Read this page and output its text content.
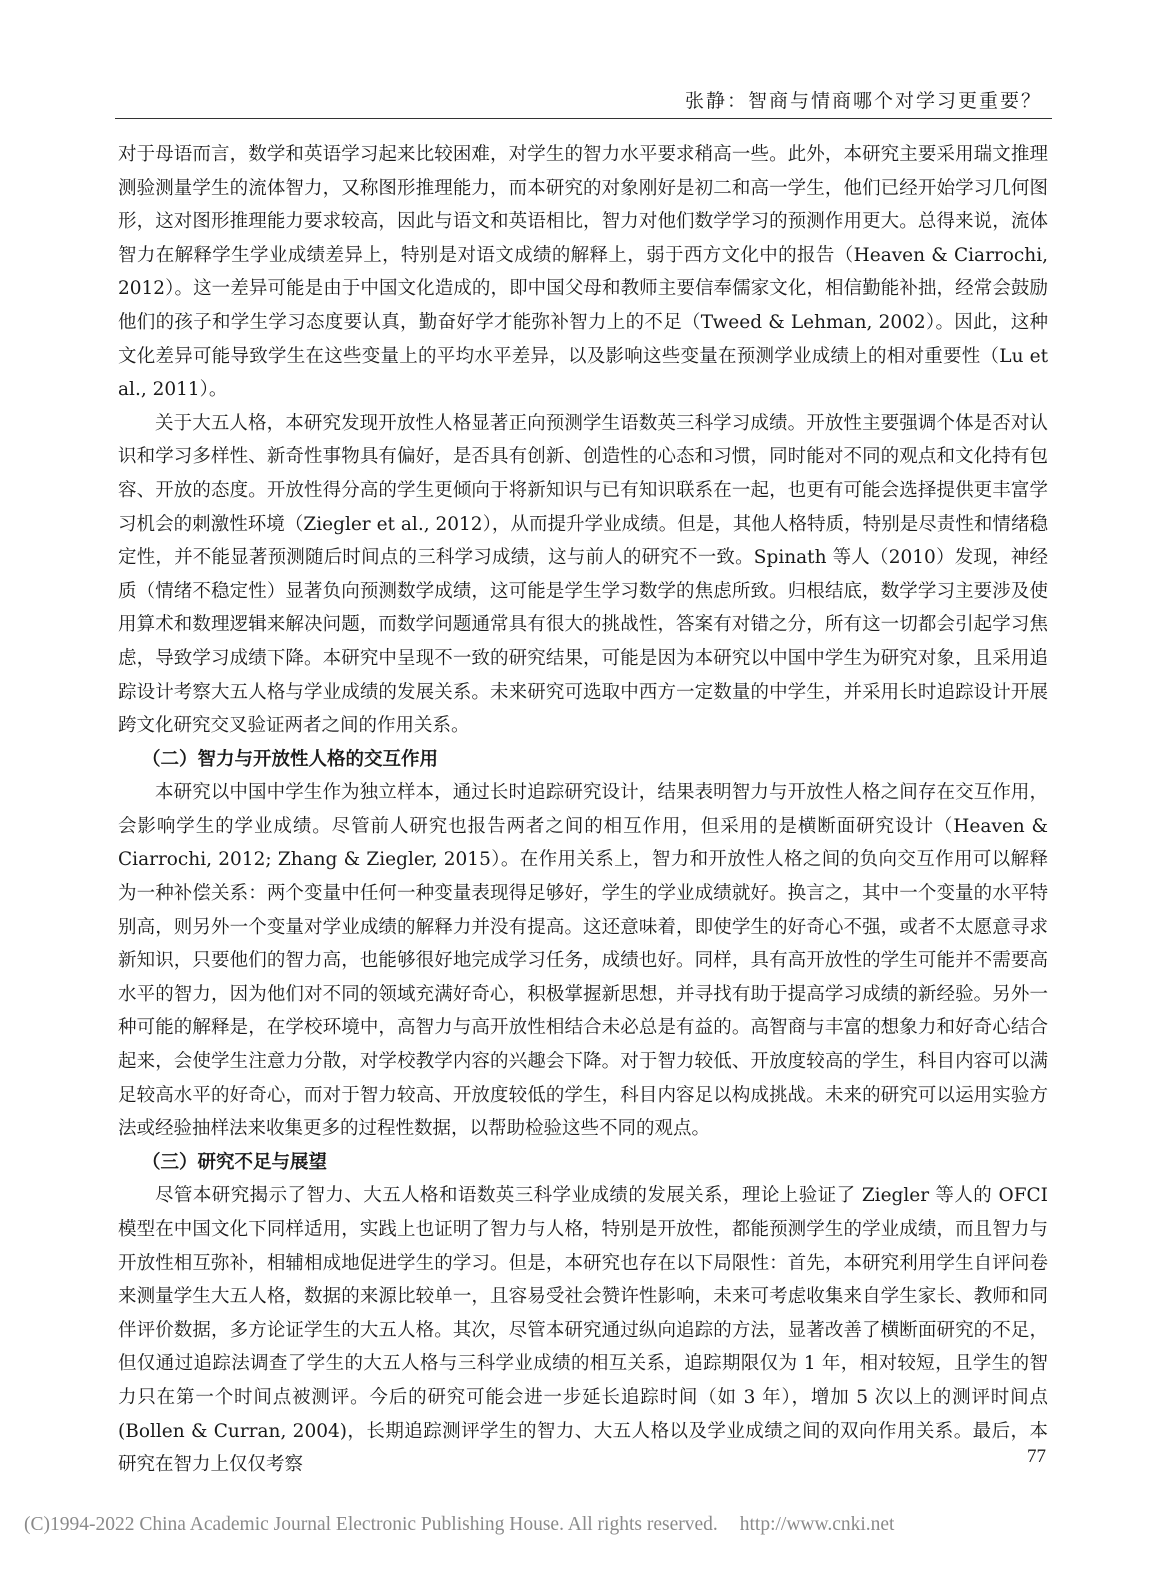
张静：智商与情商哪个对学习更重要？

对于母语而言，数学和英语学习起来比较困难，对学生的智力水平要求稍高一些。此外，本研究主要采用瑞文推理测验测量学生的流体智力，又称图形推理能力，而本研究的对象刚好是初二和高一学生，他们已经开始学习几何图形，这对图形推理能力要求较高，因此与语文和英语相比，智力对他们数学学习的预测作用更大。总得来说，流体智力在解释学生学业成绩差异上，特别是对语文成绩的解释上，弱于西方文化中的报告（Heaven & Ciarrochi, 2012）。这一差异可能是由于中国文化造成的，即中国父母和教师主要信奉儒家文化，相信勤能补拙，经常会鼓励他们的孩子和学生学习态度要认真，勤奋好学才能弥补智力上的不足（Tweed & Lehman, 2002）。因此，这种文化差异可能导致学生在这些变量上的平均水平差异，以及影响这些变量在预测学业成绩上的相对重要性（Lu et al., 2011）。

关于大五人格，本研究发现开放性人格显著正向预测学生语数英三科学习成绩。开放性主要强调个体是否对认识和学习多样性、新奇性事物具有偏好，是否具有创新、创造性的心态和习惯，同时能对不同的观点和文化持有包容、开放的态度。开放性得分高的学生更倾向于将新知识与已有知识联系在一起，也更有可能会选择提供更丰富学习机会的刺激性环境（Ziegler et al., 2012），从而提升学业成绩。但是，其他人格特质，特别是尽责性和情绪稳定性，并不能显著预测随后时间点的三科学习成绩，这与前人的研究不一致。Spinath 等人（2010）发现，神经质（情绪不稳定性）显著负向预测数学成绩，这可能是学生学习数学的焦虑所致。归根结底，数学学习主要涉及使用算术和数理逻辑来解决问题，而数学问题通常具有很大的挑战性，答案有对错之分，所有这一切都会引起学习焦虑，导致学习成绩下降。本研究中呈现不一致的研究结果，可能是因为本研究以中国中学生为研究对象，且采用追踪设计考察大五人格与学业成绩的发展关系。未来研究可选取中西方一定数量的中学生，并采用长时追踪设计开展跨文化研究交叉验证两者之间的作用关系。

（二）智力与开放性人格的交互作用

本研究以中国中学生作为独立样本，通过长时追踪研究设计，结果表明智力与开放性人格之间存在交互作用，会影响学生的学业成绩。尽管前人研究也报告两者之间的相互作用，但采用的是横断面研究设计（Heaven & Ciarrochi, 2012; Zhang & Ziegler, 2015）。在作用关系上，智力和开放性人格之间的负向交互作用可以解释为一种补偿关系：两个变量中任何一种变量表现得足够好，学生的学业成绩就好。换言之，其中一个变量的水平特别高，则另外一个变量对学业成绩的解释力并没有提高。这还意味着，即使学生的好奇心不强，或者不太愿意寻求新知识，只要他们的智力高，也能够很好地完成学习任务，成绩也好。同样，具有高开放性的学生可能并不需要高水平的智力，因为他们对不同的领域充满好奇心，积极掌握新思想，并寻找有助于提高学习成绩的新经验。另外一种可能的解释是，在学校环境中，高智力与高开放性相结合未必总是有益的。高智商与丰富的想象力和好奇心结合起来，会使学生注意力分散，对学校教学内容的兴趣会下降。对于智力较低、开放度较高的学生，科目内容可以满足较高水平的好奇心，而对于智力较高、开放度较低的学生，科目内容足以构成挑战。未来的研究可以运用实验方法或经验抽样法来收集更多的过程性数据，以帮助检验这些不同的观点。

（三）研究不足与展望

尽管本研究揭示了智力、大五人格和语数英三科学业成绩的发展关系，理论上验证了 Ziegler 等人的 OFCI 模型在中国文化下同样适用，实践上也证明了智力与人格，特别是开放性，都能预测学生的学业成绩，而且智力与开放性相互弥补，相辅相成地促进学生的学习。但是，本研究也存在以下局限性：首先，本研究利用学生自评问卷来测量学生大五人格，数据的来源比较单一，且容易受社会赞许性影响，未来可考虑收集来自学生家长、教师和同伴评价数据，多方论证学生的大五人格。其次，尽管本研究通过纵向追踪的方法，显著改善了横断面研究的不足，但仅通过追踪法调查了学生的大五人格与三科学业成绩的相互关系，追踪期限仅为 1 年，相对较短，且学生的智力只在第一个时间点被测评。今后的研究可能会进一步延长追踪时间（如 3 年），增加 5 次以上的测评时间点 (Bollen & Curran, 2004)，长期追踪测评学生的智力、大五人格以及学业成绩之间的双向作用关系。最后，本研究在智力上仅仅考察	77
(C)1994-2022 China Academic Journal Electronic Publishing House. All rights reserved. http://www.cnki.net
